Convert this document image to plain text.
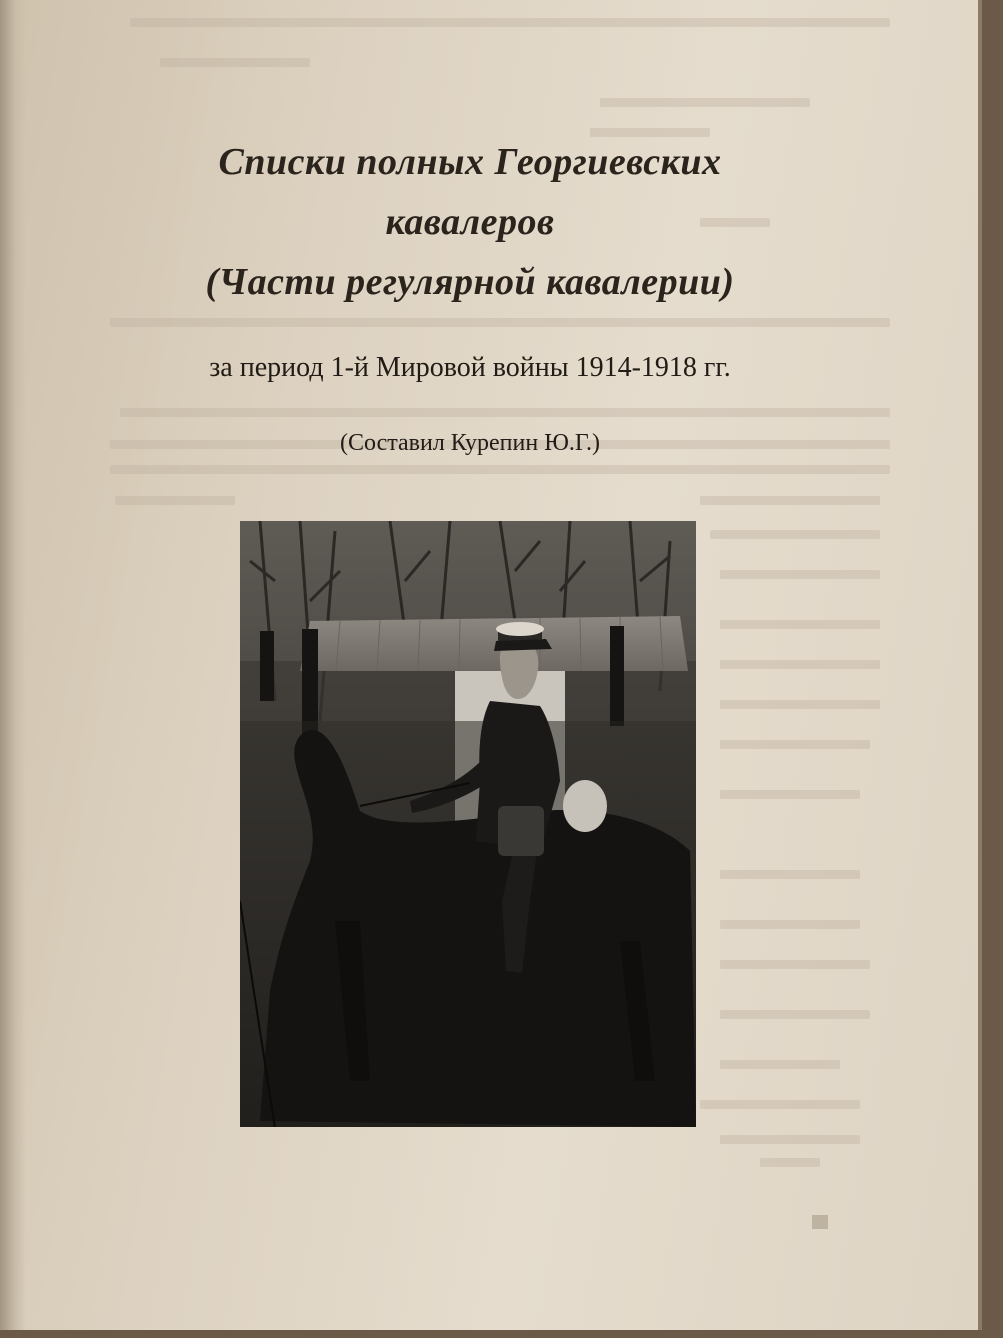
Списки полных Георгиевских
кавалеров
(Части регулярной кавалерии)

за период 1-й Мировой войны 1914-1918 гг.

(Составил Курепин Ю.Г.)
